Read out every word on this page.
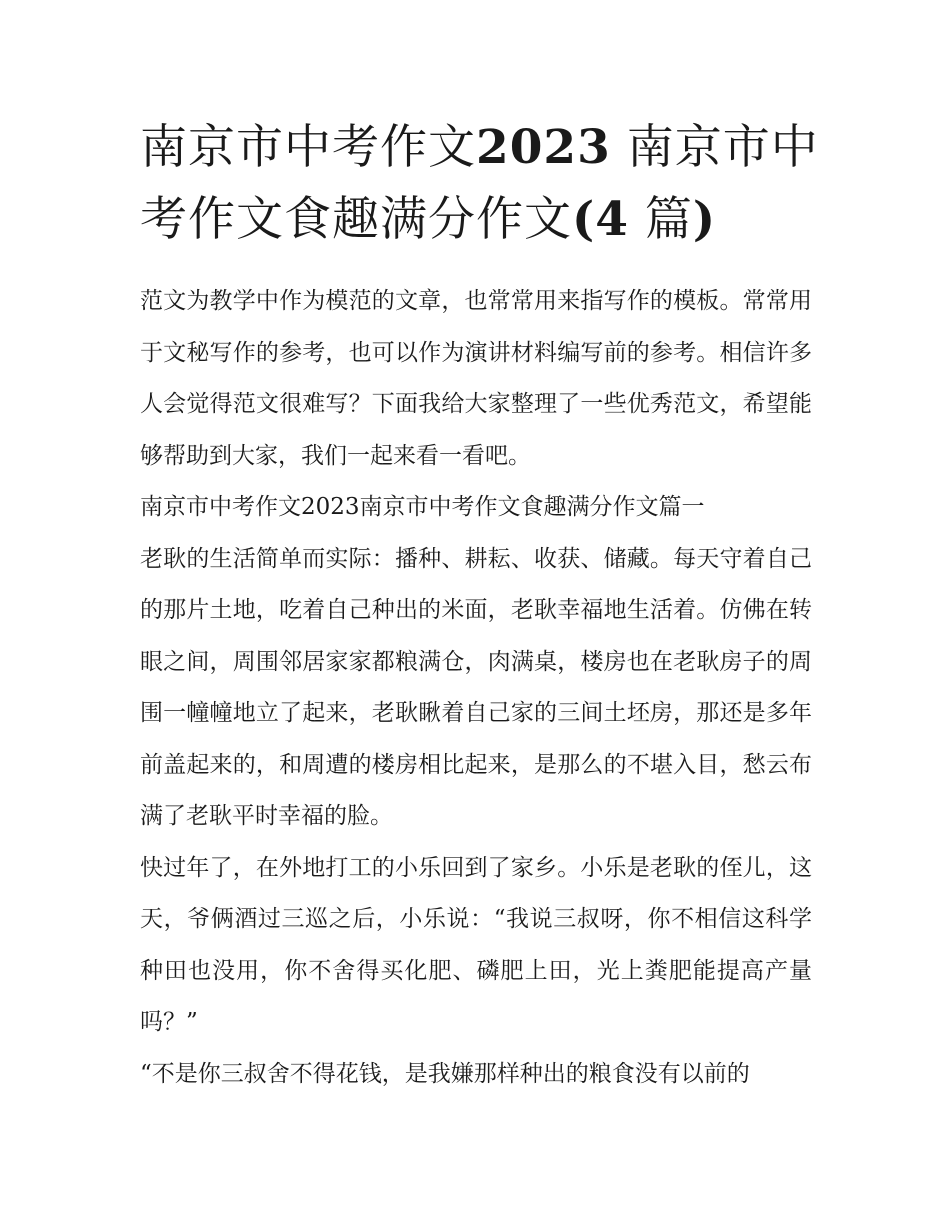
南京市中考作文2023 南京市中考作文食趣满分作文(4 篇)

范文为教学中作为模范的文章，也常常用来指写作的模板。常常用于文秘写作的参考，也可以作为演讲材料编写前的参考。相信许多人会觉得范文很难写？下面我给大家整理了一些优秀范文，希望能够帮助到大家，我们一起来看一看吧。

南京市中考作文2023南京市中考作文食趣满分作文篇一

老耿的生活简单而实际：播种、耕耘、收获、储藏。每天守着自己的那片土地，吃着自己种出的米面，老耿幸福地生活着。仿佛在转眼之间，周围邻居家家都粮满仓，肉满桌，楼房也在老耿房子的周围一幢幢地立了起来，老耿瞅着自己家的三间土坯房，那还是多年前盖起来的，和周遭的楼房相比起来，是那么的不堪入目，愁云布满了老耿平时幸福的脸。

快过年了，在外地打工的小乐回到了家乡。小乐是老耿的侄儿，这天，爷俩酒过三巡之后，小乐说：“我说三叔呀，你不相信这科学种田也没用，你不舍得买化肥、磷肥上田，光上粪肥能提高产量吗？”

“不是你三叔舍不得花钱，是我嫌那样种出的粮食没有以前的
